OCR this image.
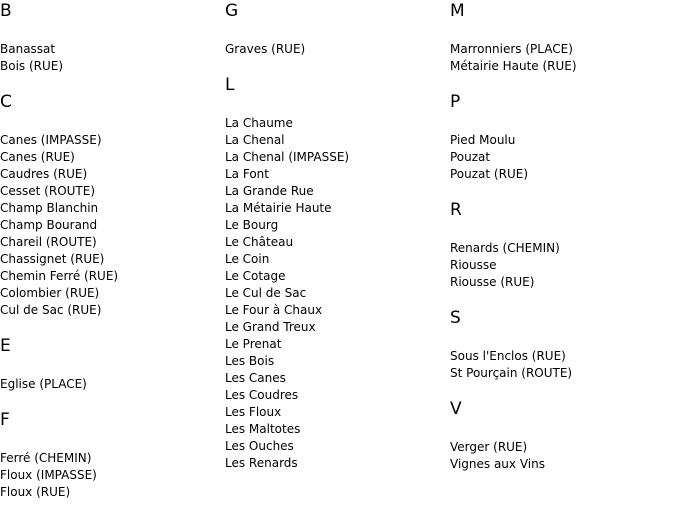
B
Banassat
Bois (RUE)
C
Canes (IMPASSE)
Canes (RUE)
Caudres (RUE)
Cesset (ROUTE)
Champ Blanchin
Champ Bourand
Chareil (ROUTE)
Chassignet (RUE)
Chemin Ferré (RUE)
Colombier (RUE)
Cul de Sac (RUE)
E
Eglise (PLACE)
F
Ferré (CHEMIN)
Floux (IMPASSE)
Floux (RUE)
G
Graves (RUE)
L
La Chaume
La Chenal
La Chenal (IMPASSE)
La Font
La Grande Rue
La Métairie Haute
Le Bourg
Le Château
Le Coin
Le Cotage
Le Cul de Sac
Le Four à Chaux
Le Grand Treux
Le Prenat
Les Bois
Les Canes
Les Coudres
Les Floux
Les Maltotes
Les Ouches
Les Renards
M
Marronniers (PLACE)
Métairie Haute (RUE)
P
Pied Moulu
Pouzat
Pouzat (RUE)
R
Renards (CHEMIN)
Riousse
Riousse (RUE)
S
Sous l'Enclos (RUE)
St Pourçain (ROUTE)
V
Verger (RUE)
Vignes aux Vins
